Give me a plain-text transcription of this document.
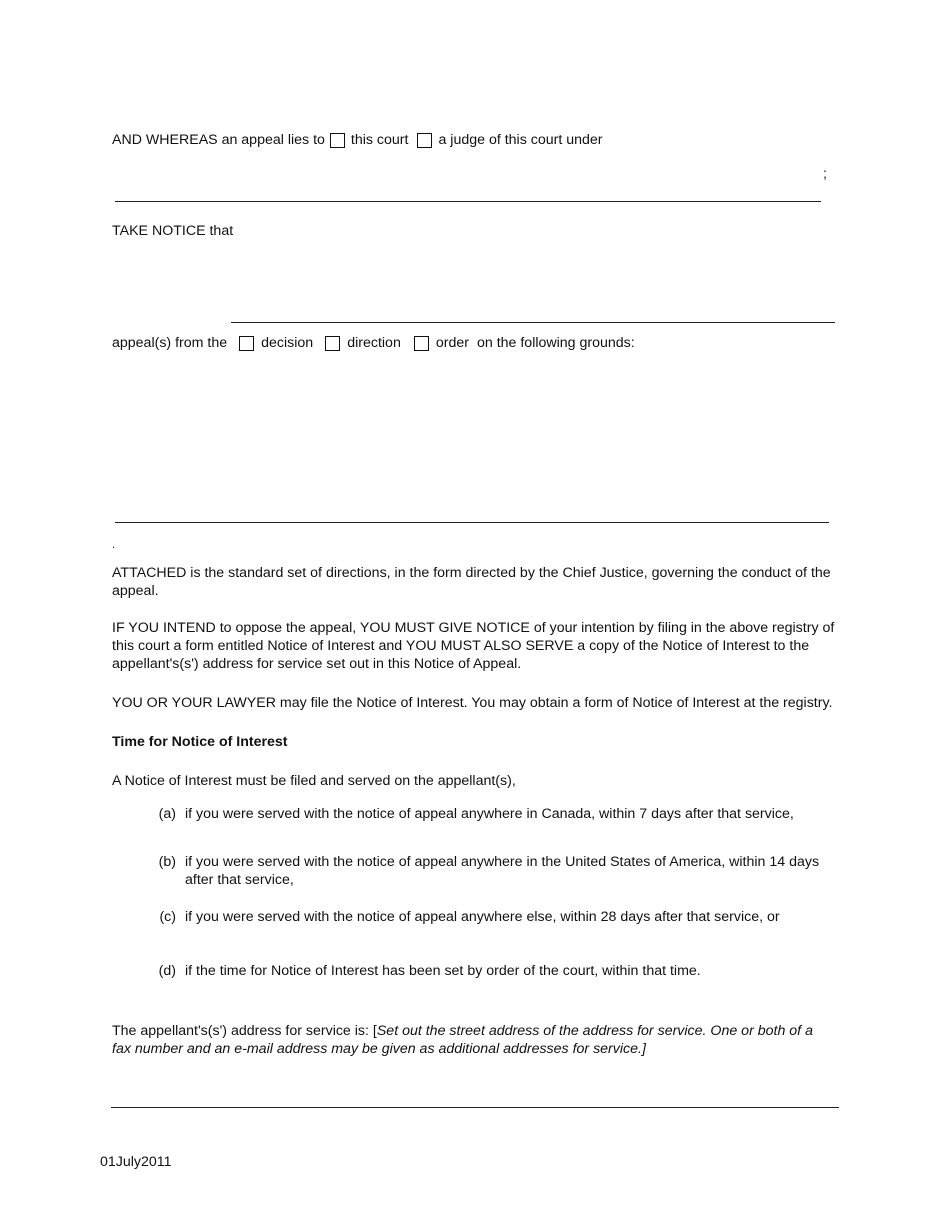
AND WHEREAS an appeal lies to this court a judge of this court under
;
TAKE NOTICE that
appeal(s) from the decision direction order on the following grounds:
.
ATTACHED is the standard set of directions, in the form directed by the Chief Justice, governing the conduct of the appeal.
IF YOU INTEND to oppose the appeal, YOU MUST GIVE NOTICE of your intention by filing in the above registry of this court a form entitled Notice of Interest and YOU MUST ALSO SERVE a copy of the Notice of Interest to the appellant's(s') address for service set out in this Notice of Appeal.
YOU OR YOUR LAWYER may file the Notice of Interest. You may obtain a form of Notice of Interest at the registry.
Time for Notice of Interest
A Notice of Interest must be filed and served on the appellant(s),
(a) if you were served with the notice of appeal anywhere in Canada, within 7 days after that service,
(b) if you were served with the notice of appeal anywhere in the United States of America, within 14 days after that service,
(c) if you were served with the notice of appeal anywhere else, within 28 days after that service, or
(d) if the time for Notice of Interest has been set by order of the court, within that time.
The appellant's(s') address for service is: [Set out the street address of the address for service. One or both of a fax number and an e-mail address may be given as additional addresses for service.]
01July2011
